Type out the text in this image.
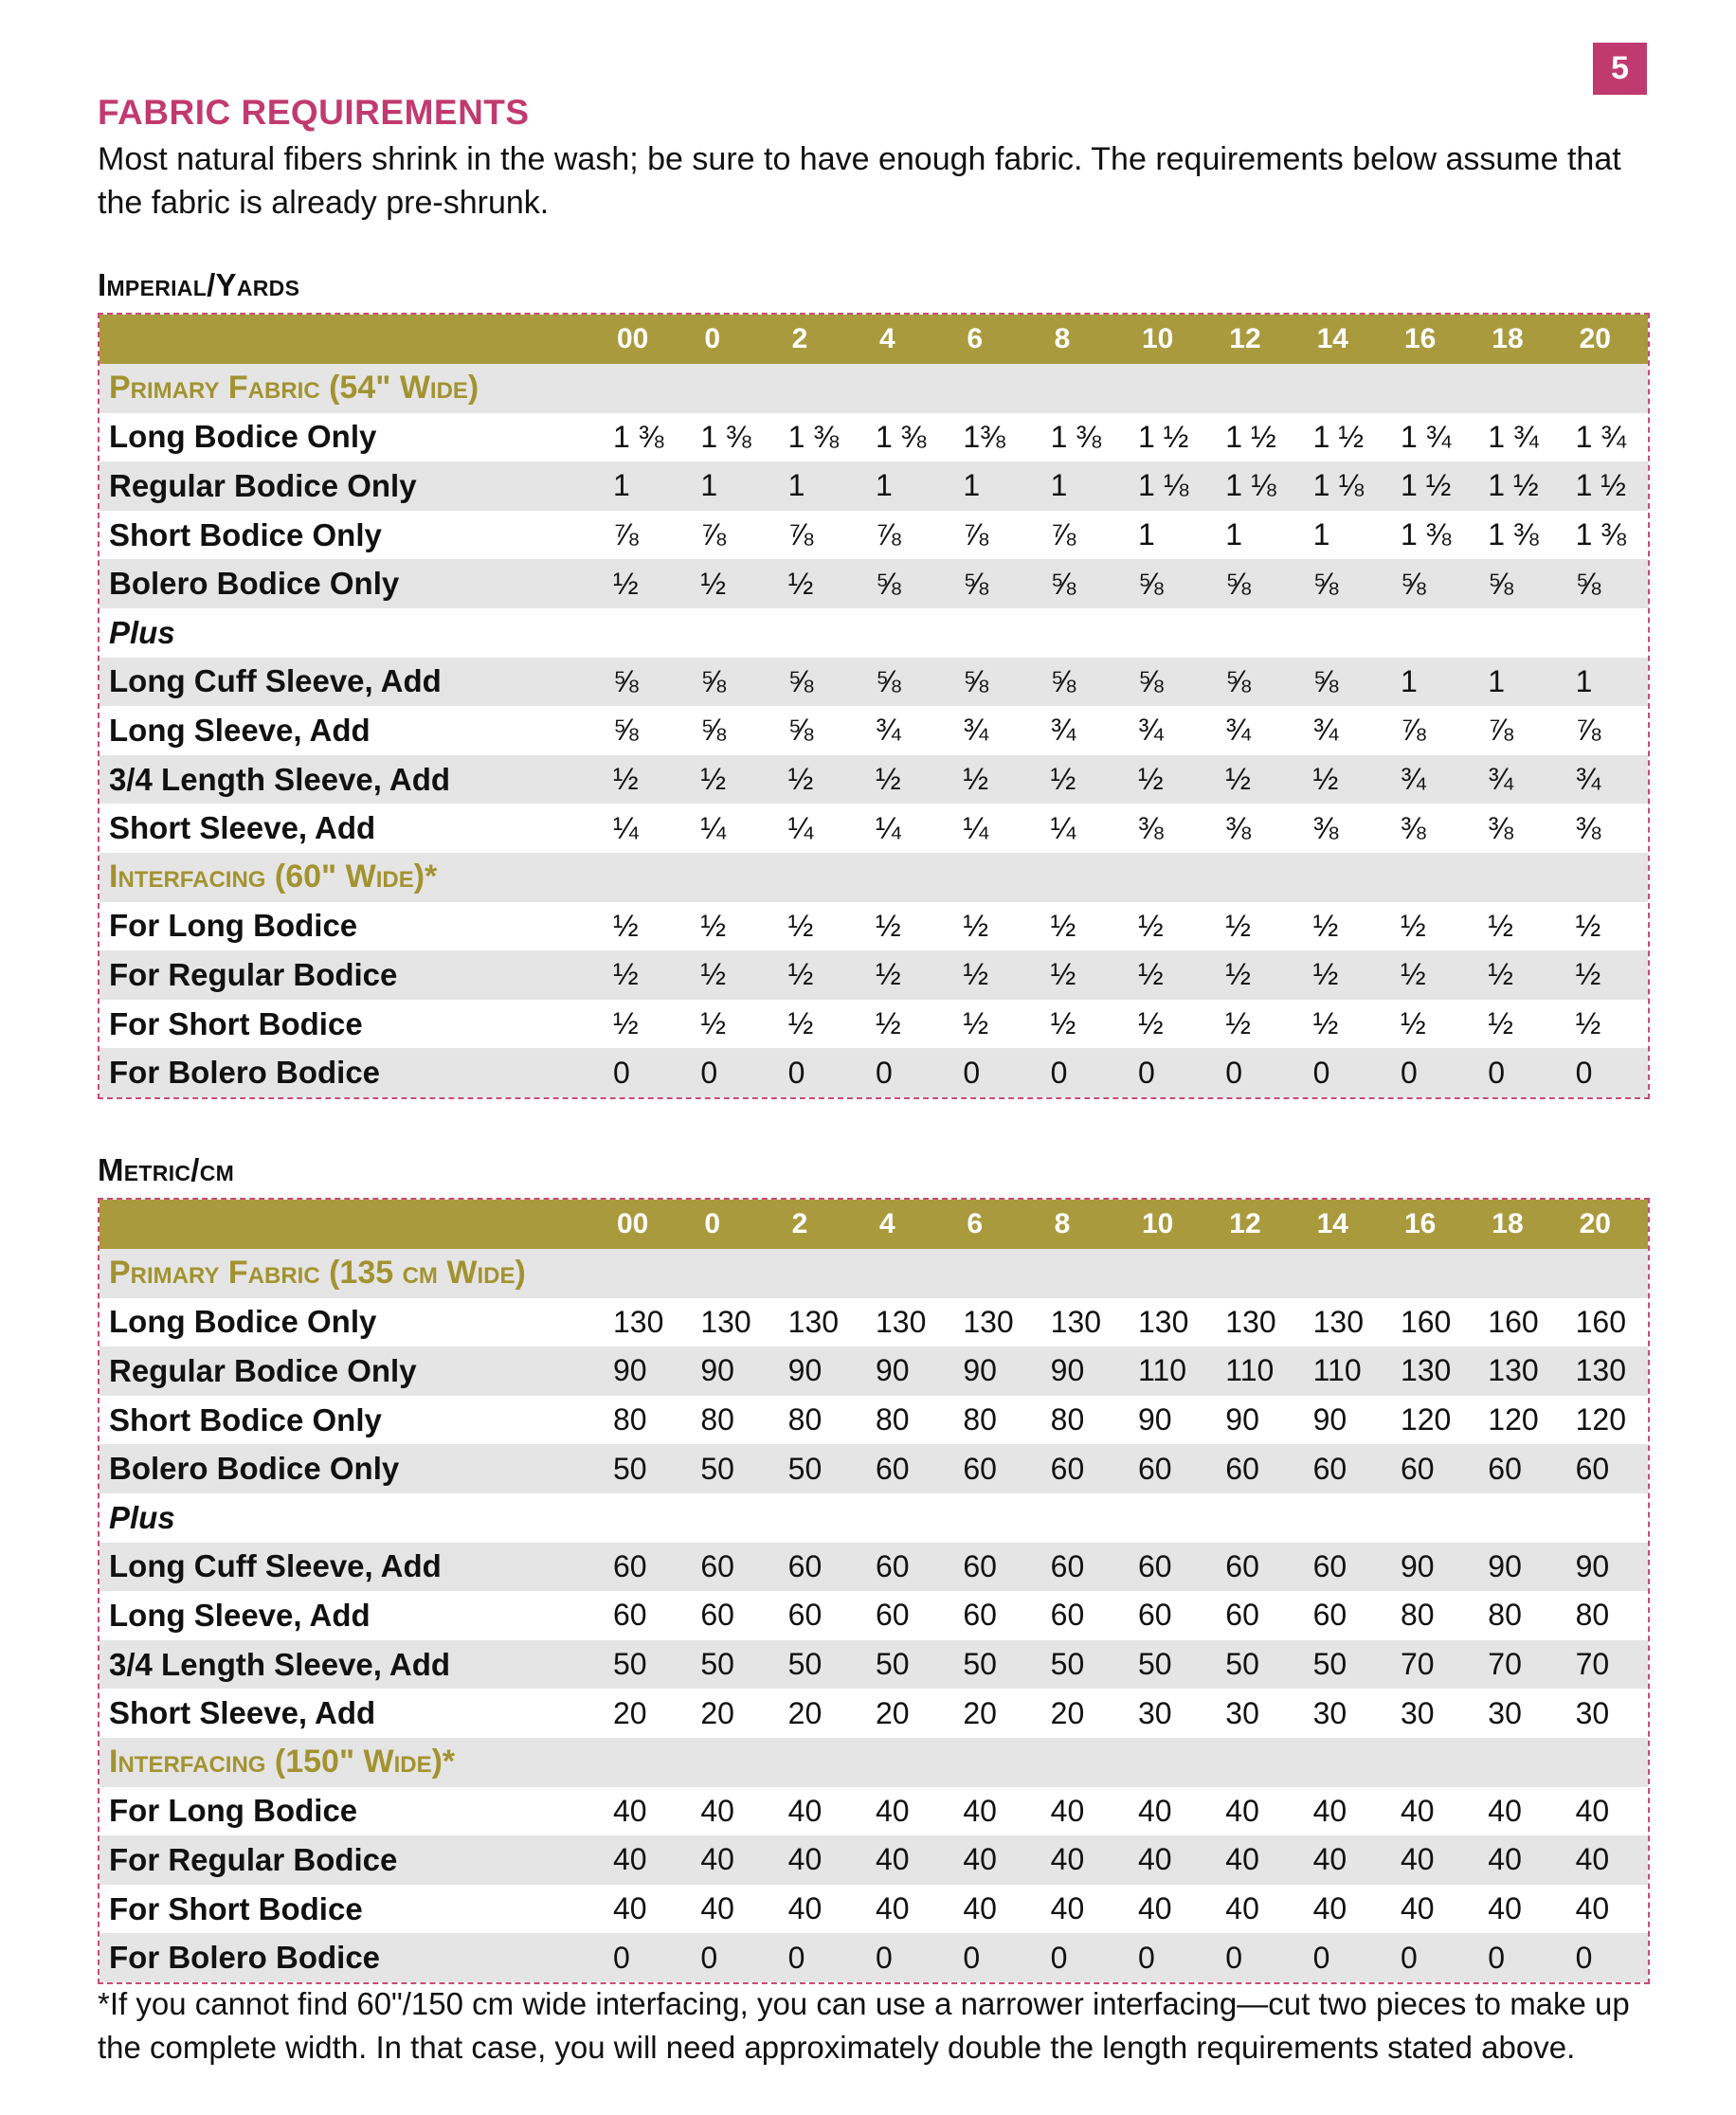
5
FABRIC REQUIREMENTS
Most natural fibers shrink in the wash; be sure to have enough fabric. The requirements below assume that the fabric is already pre-shrunk.
Imperial/Yards
00	0	2	4	6	8	10	12	14	16	18	20
Primary Fabric (54" Wide)
Long Bodice Only	1 ⅜	1 ⅜	1 ⅜	1 ⅜	1⅜	1 ⅜	1 ½	1 ½	1 ½	1 ¾	1 ¾	1 ¾
Regular Bodice Only	1	1	1	1	1	1	1 ⅛	1 ⅛	1 ⅛	1 ½	1 ½	1 ½
Short Bodice Only	⅞	⅞	⅞	⅞	⅞	⅞	1	1	1	1 ⅜	1 ⅜	1 ⅜
Bolero Bodice Only	½	½	½	⅝	⅝	⅝	⅝	⅝	⅝	⅝	⅝	⅝
Plus
Long Cuff Sleeve, Add	⅝	⅝	⅝	⅝	⅝	⅝	⅝	⅝	⅝	1	1	1
Long Sleeve, Add	⅝	⅝	⅝	¾	¾	¾	¾	¾	¾	⅞	⅞	⅞
3/4 Length Sleeve, Add	½	½	½	½	½	½	½	½	½	¾	¾	¾
Short Sleeve, Add	¼	¼	¼	¼	¼	¼	⅜	⅜	⅜	⅜	⅜	⅜
Interfacing (60" Wide)*
For Long Bodice	½	½	½	½	½	½	½	½	½	½	½	½
For Regular Bodice	½	½	½	½	½	½	½	½	½	½	½	½
For Short Bodice	½	½	½	½	½	½	½	½	½	½	½	½
For Bolero Bodice	0	0	0	0	0	0	0	0	0	0	0	0
Metric/cm
00	0	2	4	6	8	10	12	14	16	18	20
Primary Fabric (135 cm Wide)
Long Bodice Only	130	130	130	130	130	130	130	130	130	160	160	160
Regular Bodice Only	90	90	90	90	90	90	110	110	110	130	130	130
Short Bodice Only	80	80	80	80	80	80	90	90	90	120	120	120
Bolero Bodice Only	50	50	50	60	60	60	60	60	60	60	60	60
Plus
Long Cuff Sleeve, Add	60	60	60	60	60	60	60	60	60	90	90	90
Long Sleeve, Add	60	60	60	60	60	60	60	60	60	80	80	80
3/4 Length Sleeve, Add	50	50	50	50	50	50	50	50	50	70	70	70
Short Sleeve, Add	20	20	20	20	20	20	30	30	30	30	30	30
Interfacing (150" Wide)*
For Long Bodice	40	40	40	40	40	40	40	40	40	40	40	40
For Regular Bodice	40	40	40	40	40	40	40	40	40	40	40	40
For Short Bodice	40	40	40	40	40	40	40	40	40	40	40	40
For Bolero Bodice	0	0	0	0	0	0	0	0	0	0	0	0
*If you cannot find 60"/150 cm wide interfacing, you can use a narrower interfacing—cut two pieces to make up the complete width. In that case, you will need approximately double the length requirements stated above.
